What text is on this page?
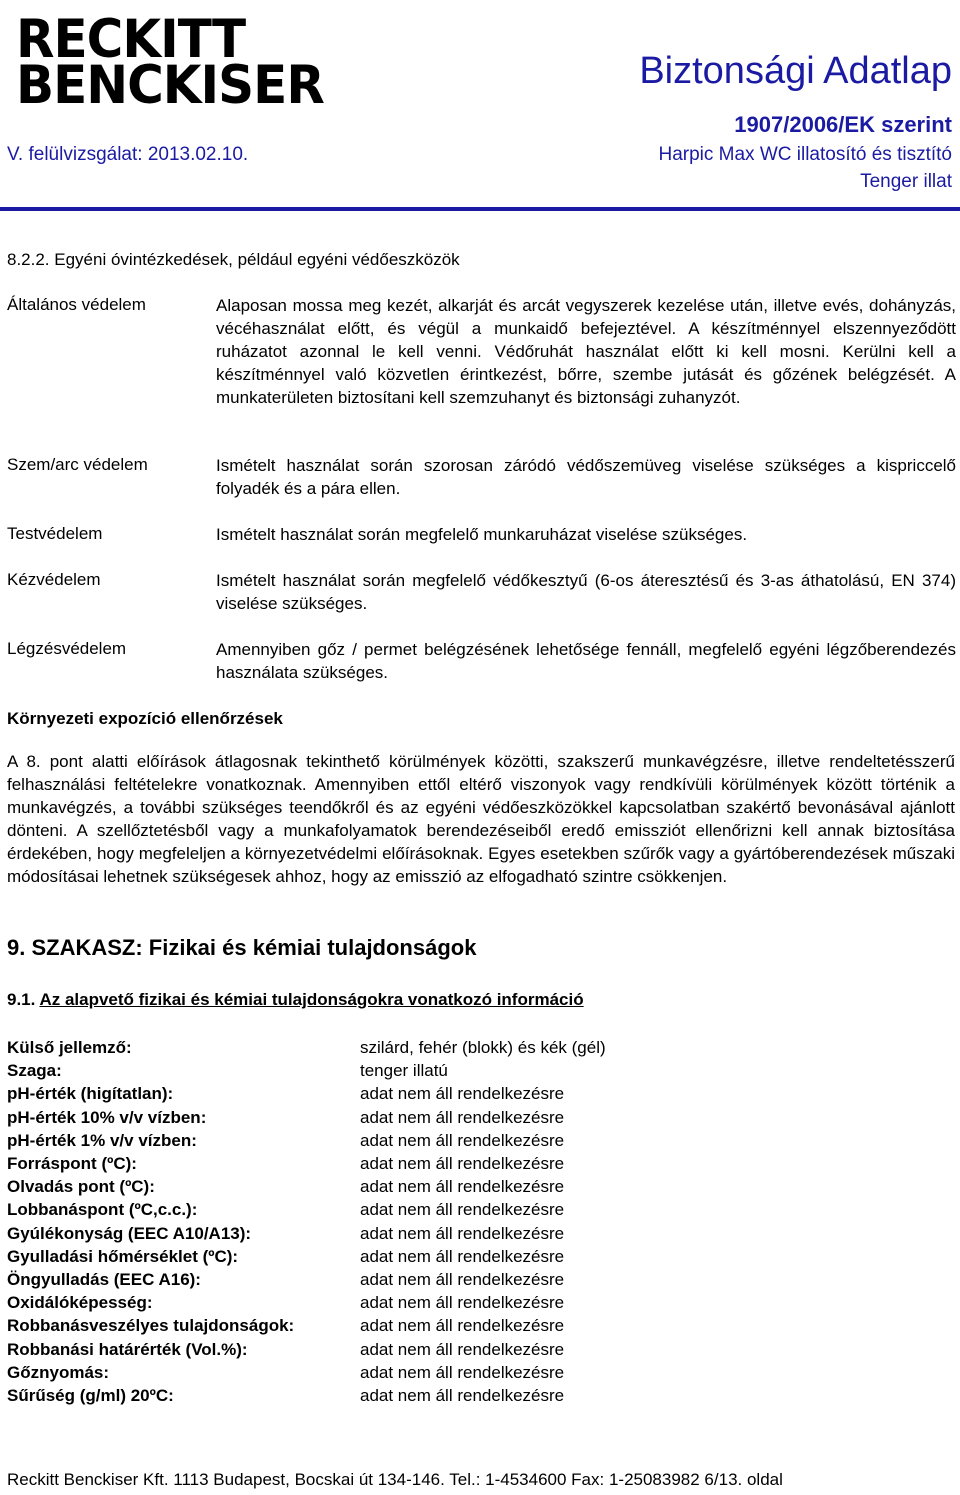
RECKITT
BENCKISER	Biztonsági Adatlap
1907/2006/EK szerint
V. felülvizsgálat: 2013.02.10.	Harpic Max WC illatosító és tisztító
Tenger illat
8.2.2. Egyéni óvintézkedések, például egyéni védőeszközök
Általános védelem	Alaposan mossa meg kezét, alkarját és arcát vegyszerek kezelése után, illetve evés, dohányzás, vécéhasználat előtt, és végül a munkaidő befejeztével. A készítménnyel elszennyeződött ruházatot azonnal le kell venni. Védőruhát használat előtt ki kell mosni. Kerülni kell a készítménnyel való közvetlen érintkezést, bőrre, szembe jutását és gőzének belégzését. A munkaterületen biztosítani kell szemzuhanyt és biztonsági zuhanyzót.
Szem/arc védelem	Ismételt használat során szorosan záródó védőszemüveg viselése szükséges a kispriccelő folyadék és a pára ellen.
Testvédelem	Ismételt használat során megfelelő munkaruházat viselése szükséges.
Kézvédelem	Ismételt használat során megfelelő védőkesztyű (6-os áteresztésű és 3-as áthatolású, EN 374) viselése szükséges.
Légzésvédelem	Amennyiben gőz / permet belégzésének lehetősége fennáll, megfelelő egyéni légzőberendezés használata szükséges.
Környezeti expozíció ellenőrzések
A 8. pont alatti előírások átlagosnak tekinthető körülmények közötti, szakszerű munkavégzésre, illetve rendeltetésszerű felhasználási feltételekre vonatkoznak. Amennyiben ettől eltérő viszonyok vagy rendkívüli körülmények között történik a munkavégzés, a további szükséges teendőkről és az egyéni védőeszközökkel kapcsolatban szakértő bevonásával ajánlott dönteni. A szellőztetésből vagy a munkafolyamatok berendezéseiből eredő emissziót ellenőrizni kell annak biztosítása érdekében, hogy megfeleljen a környezetvédelmi előírásoknak. Egyes esetekben szűrők vagy a gyártóberendezések műszaki módosításai lehetnek szükségesek ahhoz, hogy az emisszió az elfogadható szintre csökkenjen.
9. SZAKASZ: Fizikai és kémiai tulajdonságok
9.1. Az alapvető fizikai és kémiai tulajdonságokra vonatkozó információ
Külső jellemző:	szilárd, fehér (blokk) és kék (gél)
Szaga:	tenger illatú
pH-érték (higítatlan):	adat nem áll rendelkezésre
pH-érték 10% v/v vízben:	adat nem áll rendelkezésre
pH-érték 1% v/v vízben:	adat nem áll rendelkezésre
Forráspont (ºC):	adat nem áll rendelkezésre
Olvadás pont (ºC):	adat nem áll rendelkezésre
Lobbanáspont (ºC,c.c.):	adat nem áll rendelkezésre
Gyúlékonyság (EEC A10/A13):	adat nem áll rendelkezésre
Gyulladási hőmérséklet (ºC):	adat nem áll rendelkezésre
Öngyulladás (EEC A16):	adat nem áll rendelkezésre
Oxidálóképesség:	adat nem áll rendelkezésre
Robbanásveszélyes tulajdonságok:	adat nem áll rendelkezésre
Robbanási határérték (Vol.%):	adat nem áll rendelkezésre
Gőznyomás:	adat nem áll rendelkezésre
Sűrűség (g/ml) 20ºC:	adat nem áll rendelkezésre
Reckitt Benckiser Kft. 1113 Budapest, Bocskai út 134-146. Tel.: 1-4534600 Fax: 1-25083982 6/13. oldal
